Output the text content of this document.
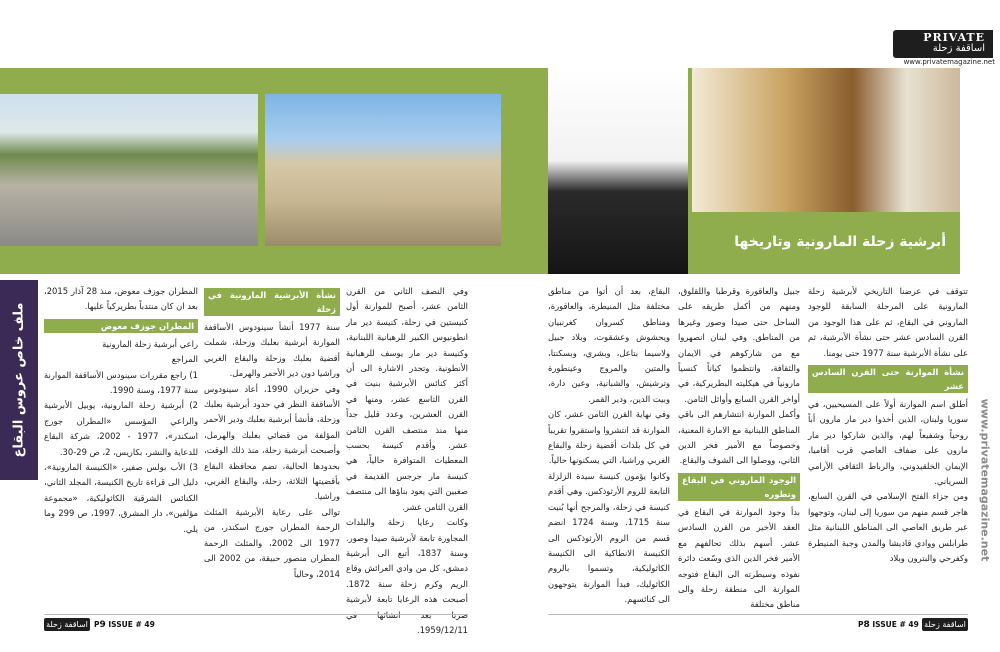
PRIVATE
اساقفة زحلة
www.privatemagazine.net
أبرشية زحلة المارونية وتاريخها
ملف خاص عروس البقاع
www.privatemagazine.net

تتوقف في عرضنا التاريخي لأبرشية زحلة المارونية على المرحلة السابقة للوجود الماروني في البقاع، ثم على هذا الوجود من القرن السادس عشر حتى نشأة الأبرشية، ثم على نشأة الأبرشية سنة 1977 حتى يومنا.

نشأة الموارنة حتى القرن السادس عشر

أطلق اسم الموارنة أولاً على المسيحيين، في سوريا ولبنان، الذين أخذوا دير مار مارون أباً روحياً وشفيعاً لهم، والذين شاركوا دير مار مارون على ضفاف العاصي قرب أفاميا، الإيمان الخلقيدوني، والرباط الثقافي الآرامي السرياني.

ومن جزاء الفتح الإسلامي في القرن السابع، هاجر قسم منهم من سوريا إلى لبنان، وتوجهوا عبر طريق العاصي الى المناطق اللبنانية مثل طرابلس ووادي قاديشا والمدن وجبة المنيطرة وكفرحي والبترون وبلاد

جبيل والعاقورة وقرطبا واللقلوق، ومنهم من أكمل طريقه على الساحل حتى صيدا وصور وغيرها من المناطق. وفي لبنان انصهروا مع من شاركوهم في الايمان والثقافة، وانتظموا كياناً كنسياً مارونياً في هيكليته البطريركية، في أواخر القرن السابع وأوائل الثامن.

وأكمل الموارنة انتشارهم الى باقي المناطق اللبنانية مع الامارة المعنية، وخصوصاً مع الأمير فخر الدين الثاني، ووصلوا الى الشوف والبقاع.

الوجود الماروني في البقاع وتطوره

بدأ وجود الموارنة في البقاع في العقد الأخير من القرن السادس عشر. أسهم بذلك تحالفهم مع الأمير فخر الدين الذي وسّعت دائرة نفوذه وسيطرته الى البقاع فتوجه الموارنة الى منطقة زحلة والى مناطق مختلفة

البقاع، بعد أن أتوا من مناطق مختلفة مثل المنيطرة، والعاقورة، ومناطق كسروان كغرنبيان ويحشوش وعشقوت، وبلاد جبيل ولاسيما بتاعل، وبشري، وبسكنتا، والمتين والمروج وعينطورة وترشيش، والشبانية، وعين دارة، وبيت الدين، ودير القمر.

وفي نهاية القرن الثامن عشر، كان الموارنة قد انتشروا واستقروا تقريباً في كل بلدات أقضية زحلة والبقاع الغربي وراشيا، التي يسكنونها حالياً.

وكانوا يؤمون كنيسة سيدة الزلزلة التابعة للروم الأرثوذكس. وهي أقدم كنيسة في زحلة، والمرجح أنها بُنيت سنة 1715. وسنة 1724 انضم قسم من الروم الأرثوذكس الى الكنيسة الانطاكية الى الكنيسة الكاثوليكية، وتسموا بالروم الكاثوليك، فبدأ الموارنة يتوجهون الى كنائسهم.

وفي النصف الثاني من القرن الثامن عشر، أصبح للموارنة أول كنيستين في زحلة، كنيسة دير مار انطونيوس الكبير للرهبانية اللبنانية، وكنيسة دير مار يوسف للرهبانية الأنطونية. وتجدر الاشارة الى أن أكثر كنائس الأبرشية بنيت في القرن التاسع عشر، ومنها في القرن العشرين، وعدد قليل جداً منها منذ منتصف القرن الثامن عشر. وأقدم كنيسة بحسب المعطيات المتوافرة حالياً، هي كنيسة مار جرجس القديمة في صغبين التي يعود بناؤها الى منتصف القرن الثامن عشر.

وكانت رعايا زحلة والبلدات المجاورة تابعة لأبرشية صيدا وصور. وسنة 1837، أتبع الى أبرشية دمشق، كل من وادي العرائش وقاع الريم وكرم زحلة سنة 1872. أصبحت هذه الرعايا تابعة لأبرشية 1959/12/11.

نشأة الأبرشية المارونية في زحلة

سنة 1977 أنشأ سينودوس الأساقفة الموارنة أبرشية بعلبك وزحلة، شملت أقضية بعلبك وزحلة والبقاع الغربي وراشيا دون دير الأحمر والهرمل.

وفي حزيران 1990، أعاد سينودوس الأساقفة النظر في حدود أبرشية بعلبك وزحلة، فأنشأ أبرشية بعلبك ودير الأحمر المؤلفة من قضائي بعلبك والهرمل، وأصبحت أبرشية زحلة، منذ ذلك الوقت، بحدودها الحالية، تضم محافظة البقاع بأقضيتها الثلاثة، زحلة، والبقاع الغربي، وراشيا.

توالى على رعاية الأبرشية المثلث الرحمة المطران جورج اسكندر، من 1977 الى 2002، والمثلث الرحمة المطران منصور حبيقة، من 2002 الى 2014، وحالياً

المطران جوزف معوض، منذ 28 آذار 2015، بعد ان كان منتدباً بطريركياً عليها.

المطران جوزف معوض

راعي أبرشية زحلة المارونية

المراجع

1) راجع مقررات سينودس الأساقفة الموارنة سنة 1977، وسنة 1990.

2) أبرشية زحلة المارونية، يوبيل الأبرشية والراعي المؤسس «المطران جورج اسكندر»، 1977 - 2002، شركة البقاع للدعاية والنشر، بكاريس، 2، ص 29-30.

3) الأب بولس صفير، «الكنيسة المارونية»، دليل الى قراءة تاريخ الكنيسة، المجلد الثاني، الكنائس الشرقية الكاثوليكية، «مجموعة مؤلفين»، دار المشرق، 1997، ص 299 وما يلي.

اساقفة زحلة P9 ISSUE # 49	P8 ISSUE # 49 اساقفة زحلة
